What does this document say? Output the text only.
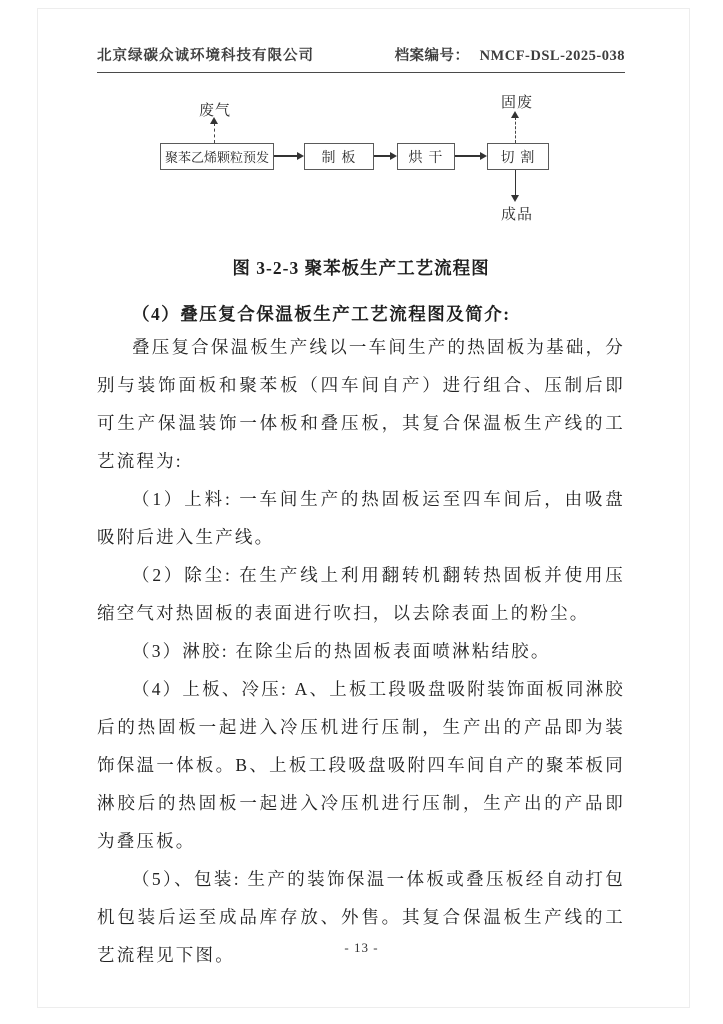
北京绿碳众诚环境科技有限公司	档案编号： NMCF-DSL-2025-038
废气	固废
成品
聚苯乙烯颗粒预发	制 板	烘 干	切 割
图 3-2-3 聚苯板生产工艺流程图
（4）叠压复合保温板生产工艺流程图及简介:

叠压复合保温板生产线以一车间生产的热固板为基础，分别与装饰面板和聚苯板（四车间自产）进行组合、压制后即可生产保温装饰一体板和叠压板，其复合保温板生产线的工艺流程为:

（1）上料: 一车间生产的热固板运至四车间后，由吸盘吸附后进入生产线。

（2）除尘: 在生产线上利用翻转机翻转热固板并使用压缩空气对热固板的表面进行吹扫，以去除表面上的粉尘。

（3）淋胶: 在除尘后的热固板表面喷淋粘结胶。

（4）上板、冷压: A、上板工段吸盘吸附装饰面板同淋胶后的热固板一起进入冷压机进行压制，生产出的产品即为装饰保温一体板。B、上板工段吸盘吸附四车间自产的聚苯板同淋胶后的热固板一起进入冷压机进行压制，生产出的产品即为叠压板。

（5）、包装: 生产的装饰保温一体板或叠压板经自动打包机包装后运至成品库存放、外售。其复合保温板生产线的工艺流程见下图。	- 13 -
